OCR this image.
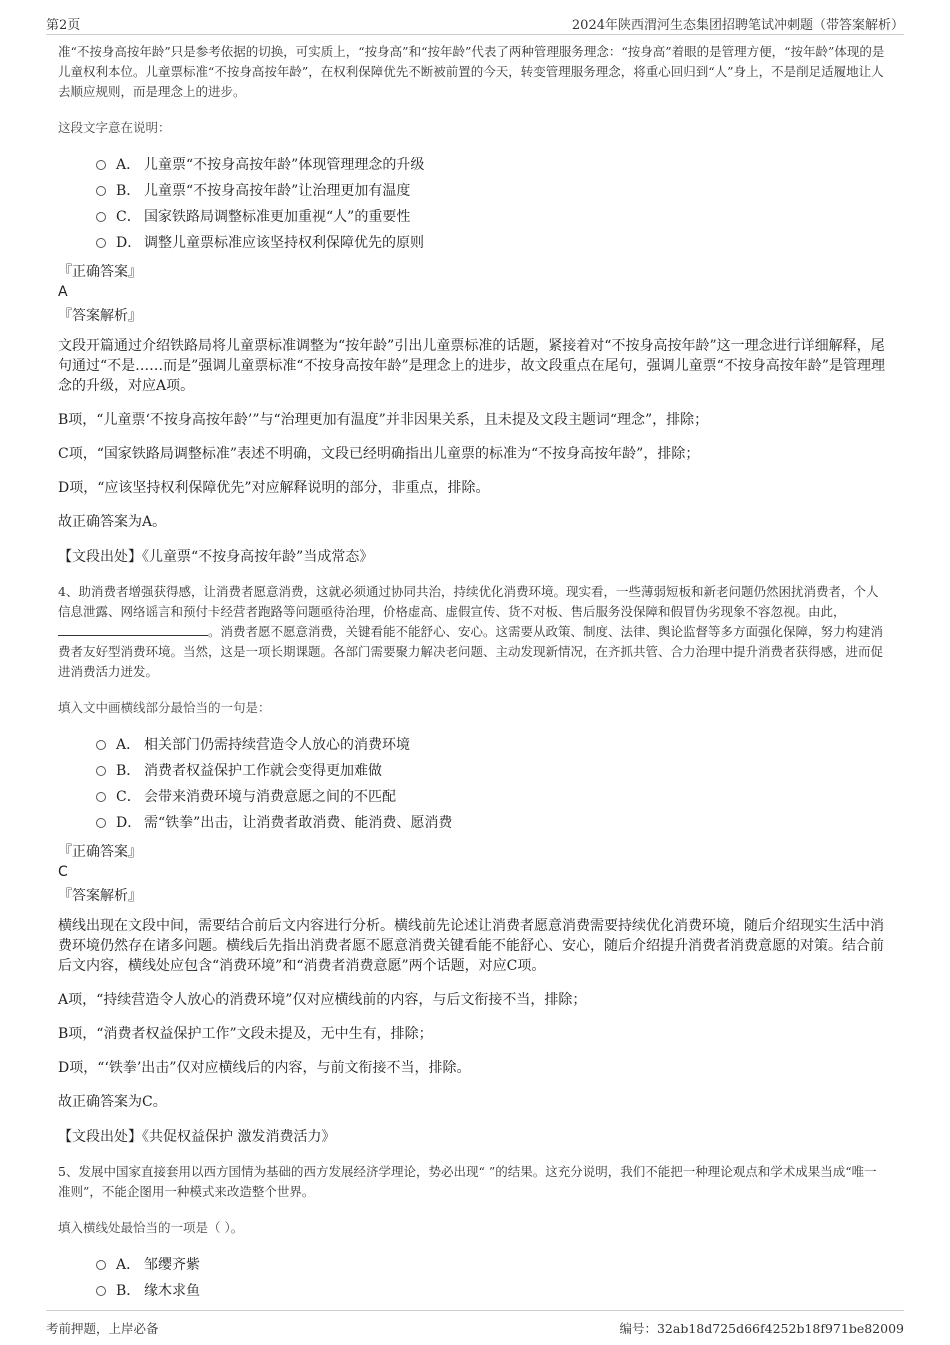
第2页	2024年陕西渭河生态集团招聘笔试冲刺题（带答案解析）

准“不按身高按年龄”只是参考依据的切换，可实质上，“按身高”和“按年龄”代表了两种管理服务理念：“按身高”着眼的是管理方便，“按年龄”体现的是儿童权利本位。儿童票标准“不按身高按年龄”，在权利保障优先不断被前置的今天，转变管理服务理念，将重心回归到“人”身上，不是削足适履地让人去顺应规则，而是理念上的进步。

这段文字意在说明：
A． 儿童票“不按身高按年龄”体现管理理念的升级
B． 儿童票“不按身高按年龄”让治理更加有温度
C． 国家铁路局调整标准更加重视“人”的重要性
D． 调整儿童票标准应该坚持权利保障优先的原则
『正确答案』
A
『答案解析』
文段开篇通过介绍铁路局将儿童票标准调整为“按年龄”引出儿童票标准的话题，紧接着对“不按身高按年龄”这一理念进行详细解释，尾句通过“不是……而是”强调儿童票标准“不按身高按年龄”是理念上的进步，故文段重点在尾句，强调儿童票“不按身高按年龄”是管理理念的升级，对应A项。
B项，“儿童票‘不按身高按年龄’”与“治理更加有温度”并非因果关系，且未提及文段主题词“理念”，排除；
C项，“国家铁路局调整标准”表述不明确，文段已经明确指出儿童票的标准为“不按身高按年龄”，排除；
D项，“应该坚持权利保障优先”对应解释说明的部分，非重点，排除。
故正确答案为A。
【文段出处】《儿童票“不按身高按年龄”当成常态》

4、助消费者增强获得感，让消费者愿意消费，这就必须通过协同共治，持续优化消费环境。现实看，一些薄弱短板和新老问题仍然困扰消费者，个人信息泄露、网络谣言和预付卡经营者跑路等问题亟待治理，价格虚高、虚假宣传、货不对板、售后服务没保障和假冒伪劣现象不容忽视。由此，。消费者愿不愿意消费，关键看能不能舒心、安心。这需要从政策、制度、法律、舆论监督等多方面强化保障，努力构建消费者友好型消费环境。当然，这是一项长期课题。各部门需要聚力解决老问题、主动发现新情况，在齐抓共管、合力治理中提升消费者获得感，进而促进消费活力迸发。

填入文中画横线部分最恰当的一句是：
A． 相关部门仍需持续营造令人放心的消费环境
B． 消费者权益保护工作就会变得更加难做
C． 会带来消费环境与消费意愿之间的不匹配
D． 需“铁拳”出击，让消费者敢消费、能消费、愿消费
『正确答案』
C
『答案解析』
横线出现在文段中间，需要结合前后文内容进行分析。横线前先论述让消费者愿意消费需要持续优化消费环境，随后介绍现实生活中消费环境仍然存在诸多问题。横线后先指出消费者愿不愿意消费关键看能不能舒心、安心，随后介绍提升消费者消费意愿的对策。结合前后文内容，横线处应包含“消费环境”和“消费者消费意愿”两个话题，对应C项。
A项，“持续营造令人放心的消费环境”仅对应横线前的内容，与后文衔接不当，排除；
B项，“消费者权益保护工作”文段未提及，无中生有，排除；
D项，“‘铁拳’出击”仅对应横线后的内容，与前文衔接不当，排除。
故正确答案为C。
【文段出处】《共促权益保护 激发消费活力》

5、发展中国家直接套用以西方国情为基础的西方发展经济学理论，势必出现“ ”的结果。这充分说明，我们不能把一种理论观点和学术成果当成“唯一准则”，不能企图用一种模式来改造整个世界。

填入横线处最恰当的一项是（ ）。
A． 邹缨齐紫
B． 缘木求鱼
考前押题，上岸必备	编号：32ab18d725d66f4252b18f971be82009
